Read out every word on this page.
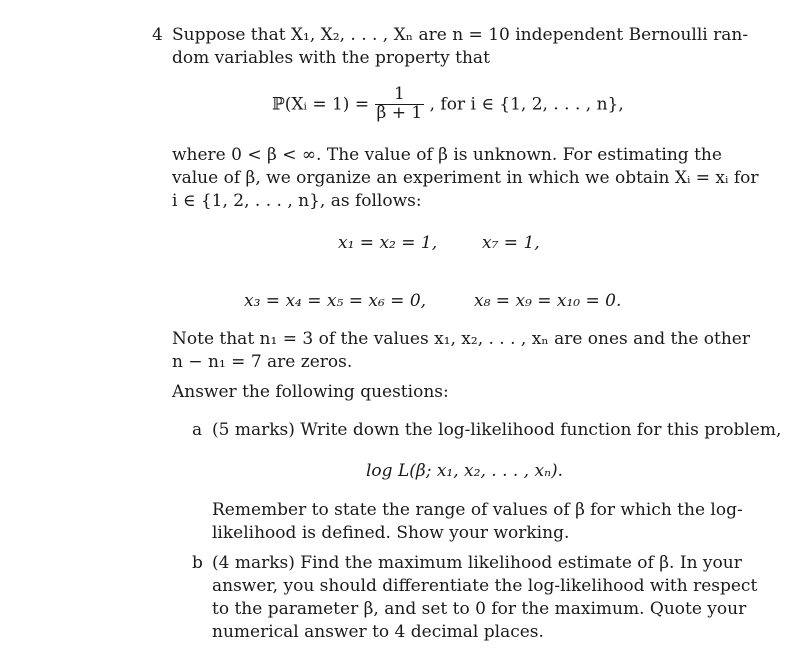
4 Suppose that X₁, X₂, . . . , Xₙ are n = 10 independent Bernoulli ran-
dom variables with the property that
ℙ(Xᵢ = $1) = \frac{1}{\beta + 1}$ , for i ∈ {1, 2, . . . , n},
where 0 < β < ∞. The value of β is unknown. For estimating the
value of β, we organize an experiment in which we obtain Xᵢ = xᵢ for
i ∈ {1, 2, . . . , n}, as follows:
x₁ = x₂ = 1,	x₇ = 1,
x₃ = x₄ = x₅ = x₆ = 0,	x₈ = x₉ = x₁₀ = 0.
Note that n₁ = 3 of the values x₁, x₂, . . . , xₙ are ones and the other
n − n₁ = 7 are zeros.
Answer the following questions:
a (5 marks) Write down the log-likelihood function for this problem,
log L(β; x₁, x₂, . . . , xₙ).
Remember to state the range of values of β for which the log-
likelihood is defined. Show your working.
b (4 marks) Find the maximum likelihood estimate of β. In your
answer, you should differentiate the log-likelihood with respect
to the parameter β, and set to 0 for the maximum. Quote your
numerical answer to 4 decimal places.
